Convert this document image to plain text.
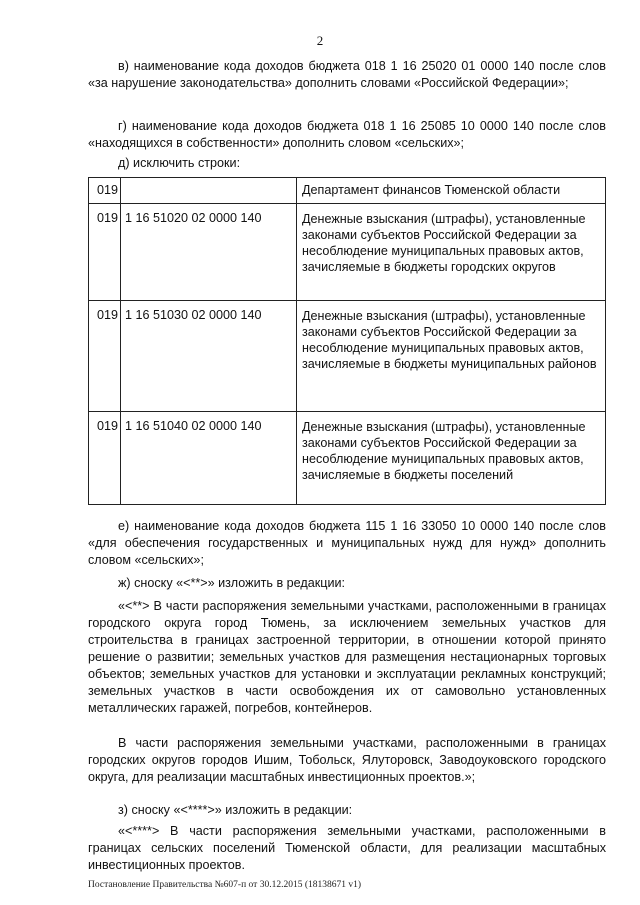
2

в) наименование кода доходов бюджета 018 1 16 25020 01 0000 140 после слов «за нарушение законодательства» дополнить словами «Российской Федерации»;

г) наименование кода доходов бюджета 018 1 16 25085 10 0000 140 после слов «находящихся в собственности» дополнить словом «сельских»;

д) исключить строки:

019		Департамент финансов Тюменской области
019	1 16 51020 02 0000 140	Денежные взыскания (штрафы), установленные законами субъектов Российской Федерации за несоблюдение муниципальных правовых актов, зачисляемые в бюджеты городских округов

019	1 16 51030 02 0000 140	Денежные взыскания (штрафы), установленные законами субъектов Российской Федерации за несоблюдение муниципальных правовых актов, зачисляемые в бюджеты муниципальных районов

019	1 16 51040 02 0000 140	Денежные взыскания (штрафы), установленные законами субъектов Российской Федерации за несоблюдение муниципальных правовых актов, зачисляемые в бюджеты поселений

е) наименование кода доходов бюджета 115 1 16 33050 10 0000 140 после слов «для обеспечения государственных и муниципальных нужд для нужд» дополнить словом «сельских»;

ж) сноску «<**>» изложить в редакции:

«<**> В части распоряжения земельными участками, расположенными в границах городского округа город Тюмень, за исключением земельных участков для строительства в границах застроенной территории, в отношении которой принято решение о развитии; земельных участков для размещения нестационарных торговых объектов; земельных участков для установки и эксплуатации рекламных конструкций; земельных участков в части освобождения их от самовольно установленных металлических гаражей, погребов, контейнеров.

В части распоряжения земельными участками, расположенными в границах городских округов городов Ишим, Тобольск, Ялуторовск, Заводоуковского городского округа, для реализации масштабных инвестиционных проектов.»;

з) сноску «<****>» изложить в редакции:

«<****> В части распоряжения земельными участками, расположенными в границах сельских поселений Тюменской области, для реализации масштабных инвестиционных проектов.

Постановление Правительства №607-п от 30.12.2015 (18138671 v1)
